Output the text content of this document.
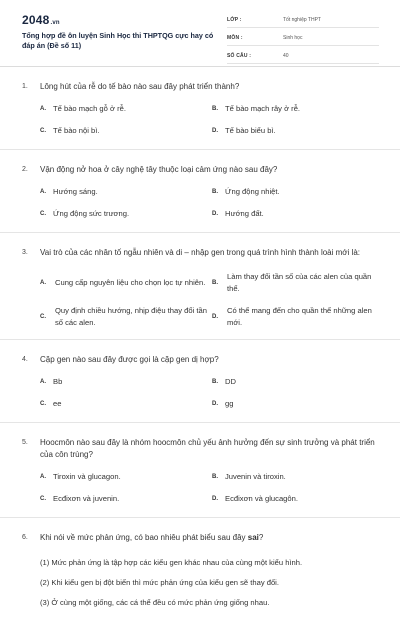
2048.vn
Tổng hợp đề ôn luyện Sinh Học thi THPTQG cực hay có đáp án (Đề số 11)
LỚP :	Tốt nghiệp THPT
MÔN :	Sinh học
SỐ CÂU :	40
1. Lông hút của rễ do tế bào nào sau đây phát triển thành?
A. Tế bào mạch gỗ ở rễ.	B. Tế bào mạch rây ở rễ.
C. Tế bào nội bì.	D. Tế bào biểu bì.
2. Vận động nở hoa ở cây nghệ tây thuộc loại cảm ứng nào sau đây?
A. Hướng sáng.	B. Ứng động nhiệt.
C. Ứng động sức trương.	D. Hướng đất.
3. Vai trò của các nhân tố ngẫu nhiên và di – nhập gen trong quá trình hình thành loài mới là:
A. Cung cấp nguyên liệu cho chọn lọc tự nhiên. B.
Làm thay đổi tần số của các alen của quần thể.
C.
Quy định chiều hướng, nhịp điệu thay đổi tần số các alen.
D.
Có thể mang đến cho quần thể những alen mới.
4. Cặp gen nào sau đây được gọi là cặp gen dị hợp?
A. Bb	B. DD
C. ee	D. gg
5. Hoocmôn nào sau đây là nhóm hoocmôn chủ yếu ảnh hưởng đến sự sinh trưởng và phát triển của côn trùng?
A. Tiroxin và glucagon.	B. Juvenin và tiroxin.
C. Ecđixơn và juvenin.	D. Ecđixơn và glucagôn.
6. Khi nói về mức phản ứng, có bao nhiêu phát biểu sau đây sai?
(1) Mức phản ứng là tập hợp các kiểu gen khác nhau của cùng một kiểu hình.
(2) Khi kiểu gen bị đột biến thì mức phản ứng của kiểu gen sẽ thay đổi.
(3) Ở cùng một giống, các cá thể đều có mức phản ứng giống nhau.
